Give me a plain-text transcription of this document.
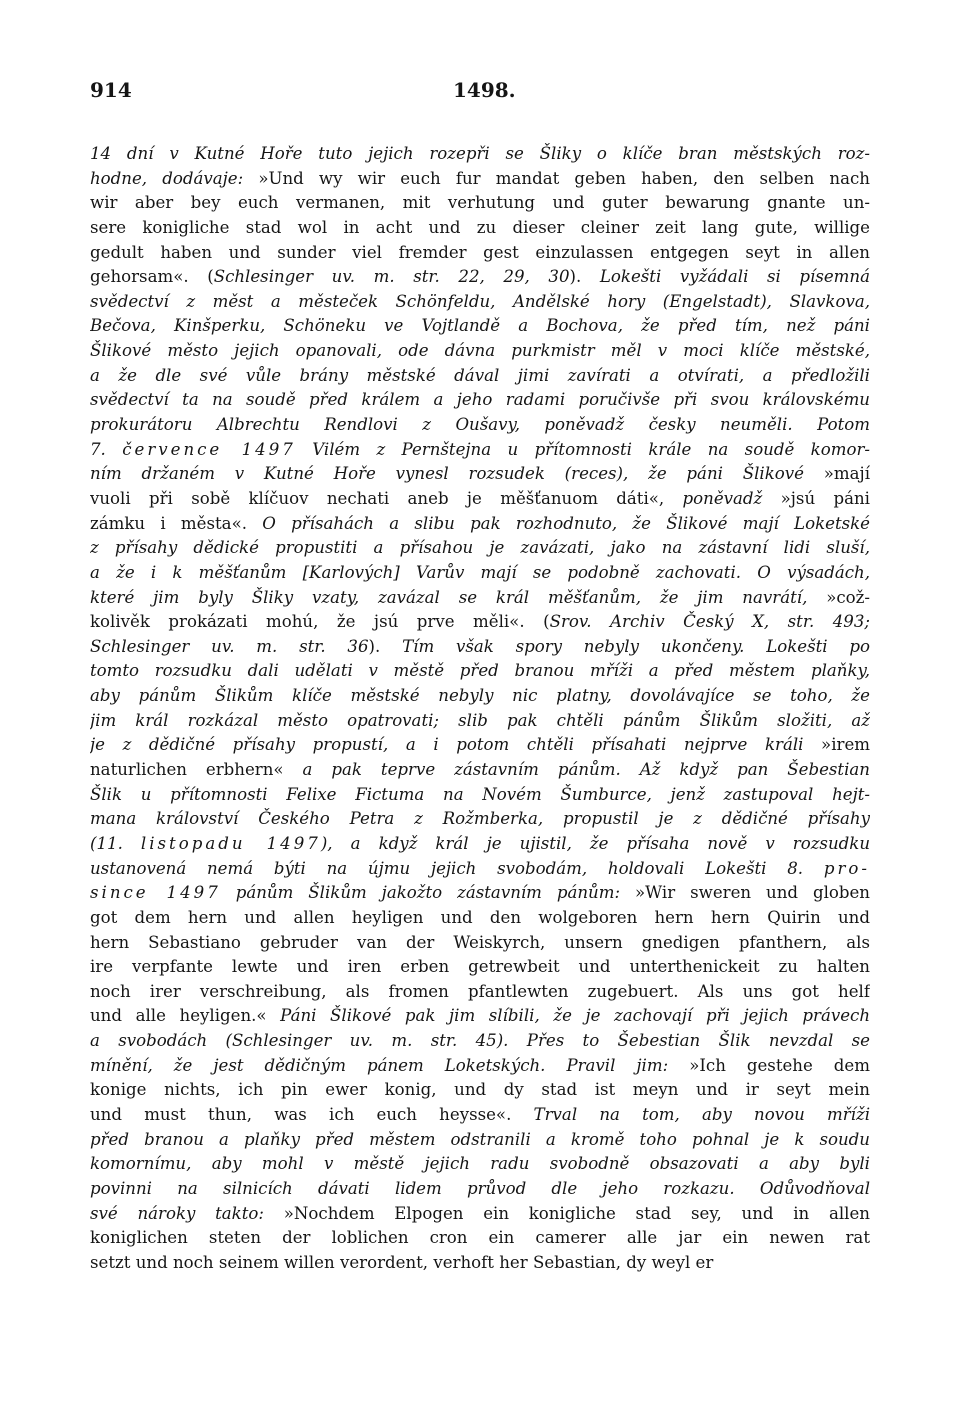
914	1498.
14 dní v Kutné Hoře tuto jejich rozepři se Šliky o klíče bran městských roz-
hodne, dodávaje: »Und wy wir euch fur mandat geben haben, den selben nach
wir aber bey euch vermanen, mit verhutung und guter bewarung gnante un-
sere konigliche stad wol in acht und zu dieser cleiner zeit lang gute, willige
gedult haben und sunder viel fremder gest einzulassen entgegen seyt in allen
gehorsam«. (Schlesinger uv. m. str. 22, 29, 30). Lokešti vyžádali si písemná
svědectví z měst a městeček Schönfeldu, Andělské hory (Engelstadt), Slavkova,
Bečova, Kinšperku, Schöneku ve Vojtlandě a Bochova, že před tím, než páni
Šlikové město jejich opanovali, ode dávna purkmistr měl v moci klíče městské,
a že dle své vůle brány městské dával jimi zavírati a otvírati, a předložili
svědectví ta na soudě před králem a jeho radami poručivše při svou královskému
prokurátoru Albrechtu Rendlovi z Oušavy, poněvadž česky neuměli. Potom
7. července 1497 Vilém z Pernštejna u přítomnosti krále na soudě komor-
ním držaném v Kutné Hoře vynesl rozsudek (reces), že páni Šlikové »mají
vuoli při sobě klíčuov nechati aneb je měšťanuom dáti«, poněvadž »jsú páni
zámku i města«. O přísahách a slibu pak rozhodnuto, že Šlikové mají Loketské
z přísahy dědické propustiti a přísahou je zavázati, jako na zástavní lidi sluší,
a že i k měšťanům [Karlových] Varův mají se podobně zachovati. O výsadách,
které jim byly Šliky vzaty, zavázal se král měšťanům, že jim navrátí, »což-
kolivěk prokázati mohú, že jsú prve měli«. (Srov. Archiv Český X, str. 493;
Schlesinger uv. m. str. 36). Tím však spory nebyly ukončeny. Lokešti po
tomto rozsudku dali udělati v městě před branou mříži a před městem plaňky,
aby pánům Šlikům klíče městské nebyly nic platny, dovolávajíce se toho, že
jim král rozkázal město opatrovati; slib pak chtěli pánům Šlikům složiti, až
je z dědičné přísahy propustí, a i potom chtěli přísahati nejprve králi »irem
naturlichen erbhern« a pak teprve zástavním pánům. Až když pan Šebestian
Šlik u přítomnosti Felixe Fictuma na Novém Šumburce, jenž zastupoval hejt-
mana království Českého Petra z Rožmberka, propustil je z dědičné přísahy
(11. listopadu 1497), a když král je ujistil, že přísaha nově v rozsudku
ustanovená nemá býti na újmu jejich svobodám, holdovali Lokešti 8. pro-
since 1497 pánům Šlikům jakožto zástavním pánům: »Wir sweren und globen
got dem hern und allen heyligen und den wolgeboren hern hern Quirin und
hern Sebastiano gebruder van der Weiskyrch, unsern gnedigen pfanthern, als
ire verpfante lewte und iren erben getrewbeit und unterthenickeit zu halten
noch irer verschreibung, als fromen pfantlewten zugebuert. Als uns got helf
und alle heyligen.« Páni Šlikové pak jim slíbili, že je zachovají při jejich právech
a svobodách (Schlesinger uv. m. str. 45). Přes to Šebestian Šlik nevzdal se
mínění, že jest dědičným pánem Loketských. Pravil jim: »Ich gestehe dem
konige nichts, ich pin ewer konig, und dy stad ist meyn und ir seyt mein
und must thun, was ich euch heysse«. Trval na tom, aby novou mříži
před branou a plaňky před městem odstranili a kromě toho pohnal je k soudu
komornímu, aby mohl v městě jejich radu svobodně obsazovati a aby byli
povinni na silnicích dávati lidem průvod dle jeho rozkazu. Odůvodňoval
své nároky takto: »Nochdem Elpogen ein konigliche stad sey, und in allen
koniglichen steten der loblichen cron ein camerer alle jar ein newen rat
setzt und noch seinem willen verordent, verhoft her Sebastian, dy weyl er
